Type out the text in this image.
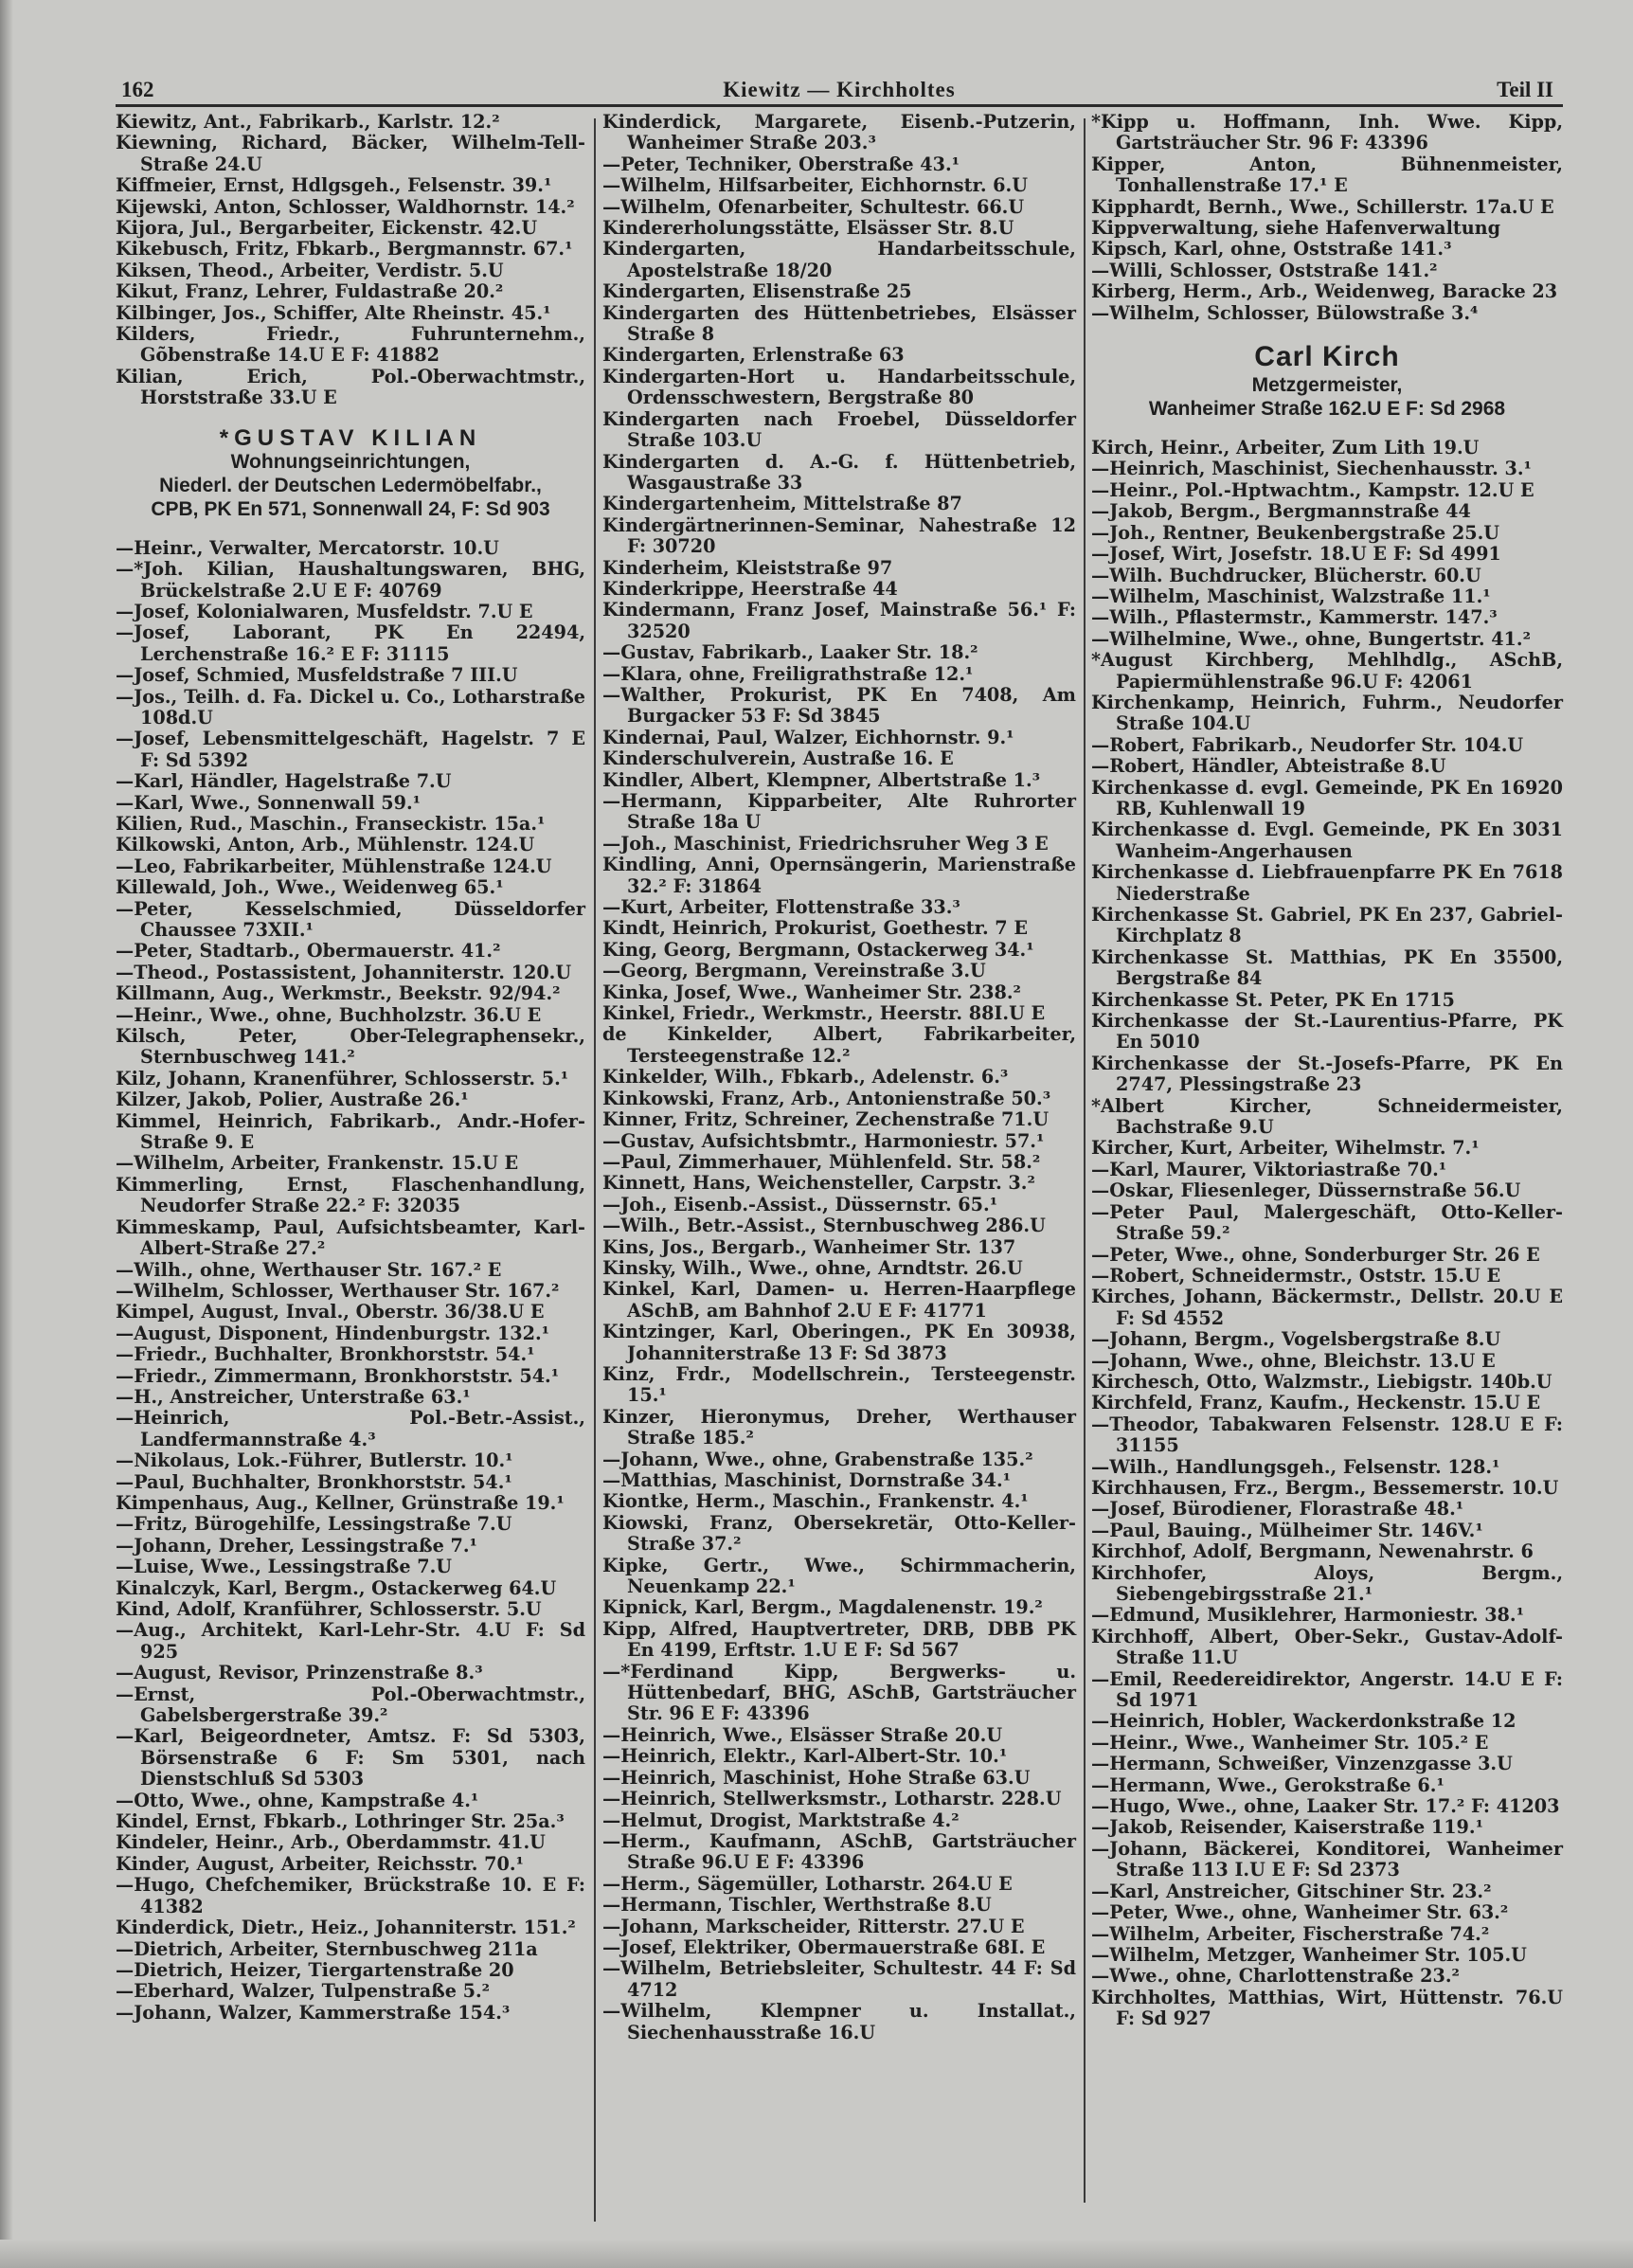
162	Kiewitz — Kirchholtes	Teil II

Kiewitz, Ant., Fabrikarb., Karlstr. 12.²

Kiewning, Richard, Bäcker, Wilhelm-Tell-Straße 24.U

Kiffmeier, Ernst, Hdlgsgeh., Felsenstr. 39.¹

Kijewski, Anton, Schlosser, Waldhornstr. 14.²

Kijora, Jul., Bergarbeiter, Eickenstr. 42.U

Kikebusch, Fritz, Fbkarb., Bergmannstr. 67.¹

Kiksen, Theod., Arbeiter, Verdistr. 5.U

Kikut, Franz, Lehrer, Fuldastraße 20.²

Kilbinger, Jos., Schiffer, Alte Rheinstr. 45.¹

Kilders, Friedr., Fuhrunternehm., Gõbenstraße 14.U E F: 41882

Kilian, Erich, Pol.-Oberwachtmstr., Horststraße 33.U E

*GUSTAV KILIAN
Wohnungseinrichtungen,
Niederl. der Deutschen Ledermöbelfabr.,
CPB, PK En 571, Sonnenwall 24, F: Sd 903

—Heinr., Verwalter, Mercatorstr. 10.U

—*Joh. Kilian, Haushaltungswaren, BHG, Brückelstraße 2.U E F: 40769

—Josef, Kolonialwaren, Musfeldstr. 7.U E

—Josef, Laborant, PK En 22494, Lerchenstraße 16.² E F: 31115

—Josef, Schmied, Musfeldstraße 7 III.U

—Jos., Teilh. d. Fa. Dickel u. Co., Lotharstraße 108d.U

—Josef, Lebensmittelgeschäft, Hagelstr. 7 E F: Sd 5392

—Karl, Händler, Hagelstraße 7.U

—Karl, Wwe., Sonnenwall 59.¹

Kilien, Rud., Maschin., Franseckistr. 15a.¹

Kilkowski, Anton, Arb., Mühlenstr. 124.U

—Leo, Fabrikarbeiter, Mühlenstraße 124.U

Killewald, Joh., Wwe., Weidenweg 65.¹

—Peter, Kesselschmied, Düsseldorfer Chaussee 73XII.¹

—Peter, Stadtarb., Obermauerstr. 41.²

—Theod., Postassistent, Johanniterstr. 120.U

Killmann, Aug., Werkmstr., Beekstr. 92/94.²

—Heinr., Wwe., ohne, Buchholzstr. 36.U E

Kilsch, Peter, Ober-Telegraphensekr., Sternbuschweg 141.²

Kilz, Johann, Kranenführer, Schlosserstr. 5.¹

Kilzer, Jakob, Polier, Austraße 26.¹

Kimmel, Heinrich, Fabrikarb., Andr.-Hofer-Straße 9. E

—Wilhelm, Arbeiter, Frankenstr. 15.U E

Kimmerling, Ernst, Flaschenhandlung, Neudorfer Straße 22.² F: 32035

Kimmeskamp, Paul, Aufsichtsbeamter, Karl-Albert-Straße 27.²

—Wilh., ohne, Werthauser Str. 167.² E

—Wilhelm, Schlosser, Werthauser Str. 167.²

Kimpel, August, Inval., Oberstr. 36/38.U E

—August, Disponent, Hindenburgstr. 132.¹

—Friedr., Buchhalter, Bronkhorststr. 54.¹

—Friedr., Zimmermann, Bronkhorststr. 54.¹

—H., Anstreicher, Unterstraße 63.¹

—Heinrich, Pol.-Betr.-Assist., Landfermannstraße 4.³

—Nikolaus, Lok.-Führer, Butlerstr. 10.¹

—Paul, Buchhalter, Bronkhorststr. 54.¹

Kimpenhaus, Aug., Kellner, Grünstraße 19.¹

—Fritz, Bürogehilfe, Lessingstraße 7.U

—Johann, Dreher, Lessingstraße 7.¹

—Luise, Wwe., Lessingstraße 7.U

Kinalczyk, Karl, Bergm., Ostackerweg 64.U

Kind, Adolf, Kranführer, Schlosserstr. 5.U

—Aug., Architekt, Karl-Lehr-Str. 4.U F: Sd 925

—August, Revisor, Prinzenstraße 8.³

—Ernst, Pol.-Oberwachtmstr., Gabelsbergerstraße 39.²

—Karl, Beigeordneter, Amtsz. F: Sd 5303, Börsenstraße 6 F: Sm 5301, nach Dienstschluß Sd 5303

—Otto, Wwe., ohne, Kampstraße 4.¹

Kindel, Ernst, Fbkarb., Lothringer Str. 25a.³

Kindeler, Heinr., Arb., Oberdammstr. 41.U

Kinder, August, Arbeiter, Reichsstr. 70.¹

—Hugo, Chefchemiker, Brückstraße 10. E F: 41382

Kinderdick, Dietr., Heiz., Johanniterstr. 151.²

—Dietrich, Arbeiter, Sternbuschweg 211a

—Dietrich, Heizer, Tiergartenstraße 20

—Eberhard, Walzer, Tulpenstraße 5.²

—Johann, Walzer, Kammerstraße 154.³

Kinderdick, Margarete, Eisenb.-Putzerin, Wanheimer Straße 203.³

—Peter, Techniker, Oberstraße 43.¹

—Wilhelm, Hilfsarbeiter, Eichhornstr. 6.U

—Wilhelm, Ofenarbeiter, Schultestr. 66.U

Kindererholungsstätte, Elsässer Str. 8.U

Kindergarten, Handarbeitsschule, Apostelstraße 18/20

Kindergarten, Elisenstraße 25

Kindergarten des Hüttenbetriebes, Elsässer Straße 8

Kindergarten, Erlenstraße 63

Kindergarten-Hort u. Handarbeitsschule, Ordensschwestern, Bergstraße 80

Kindergarten nach Froebel, Düsseldorfer Straße 103.U

Kindergarten d. A.-G. f. Hüttenbetrieb, Wasgaustraße 33

Kindergartenheim, Mittelstraße 87

Kindergärtnerinnen-Seminar, Nahestraße 12 F: 30720

Kinderheim, Kleiststraße 97

Kinderkrippe, Heerstraße 44

Kindermann, Franz Josef, Mainstraße 56.¹ F: 32520

—Gustav, Fabrikarb., Laaker Str. 18.²

—Klara, ohne, Freiligrathstraße 12.¹

—Walther, Prokurist, PK En 7408, Am Burgacker 53 F: Sd 3845

Kindernai, Paul, Walzer, Eichhornstr. 9.¹

Kinderschulverein, Austraße 16. E

Kindler, Albert, Klempner, Albertstraße 1.³

—Hermann, Kipparbeiter, Alte Ruhrorter Straße 18a U

—Joh., Maschinist, Friedrichsruher Weg 3 E

Kindling, Anni, Opernsängerin, Marienstraße 32.² F: 31864

—Kurt, Arbeiter, Flottenstraße 33.³

Kindt, Heinrich, Prokurist, Goethestr. 7 E

King, Georg, Bergmann, Ostackerweg 34.¹

—Georg, Bergmann, Vereinstraße 3.U

Kinka, Josef, Wwe., Wanheimer Str. 238.²

Kinkel, Friedr., Werkmstr., Heerstr. 88I.U E

de Kinkelder, Albert, Fabrikarbeiter, Tersteegenstraße 12.²

Kinkelder, Wilh., Fbkarb., Adelenstr. 6.³

Kinkowski, Franz, Arb., Antonienstraße 50.³

Kinner, Fritz, Schreiner, Zechenstraße 71.U

—Gustav, Aufsichtsbmtr., Harmoniestr. 57.¹

—Paul, Zimmerhauer, Mühlenfeld. Str. 58.²

Kinnett, Hans, Weichensteller, Carpstr. 3.²

—Joh., Eisenb.-Assist., Düssernstr. 65.¹

—Wilh., Betr.-Assist., Sternbuschweg 286.U

Kins, Jos., Bergarb., Wanheimer Str. 137

Kinsky, Wilh., Wwe., ohne, Arndtstr. 26.U

Kinkel, Karl, Damen- u. Herren-Haarpflege ASchB, am Bahnhof 2.U E F: 41771

Kintzinger, Karl, Oberingen., PK En 30938, Johanniterstraße 13 F: Sd 3873

Kinz, Frdr., Modellschrein., Tersteegenstr. 15.¹

Kinzer, Hieronymus, Dreher, Werthauser Straße 185.²

—Johann, Wwe., ohne, Grabenstraße 135.²

—Matthias, Maschinist, Dornstraße 34.¹

Kiontke, Herm., Maschin., Frankenstr. 4.¹

Kiowski, Franz, Obersekretär, Otto-Keller-Straße 37.²

Kipke, Gertr., Wwe., Schirmmacherin, Neuenkamp 22.¹

Kipnick, Karl, Bergm., Magdalenenstr. 19.²

Kipp, Alfred, Hauptvertreter, DRB, DBB PK En 4199, Erftstr. 1.U E F: Sd 567

—*Ferdinand Kipp, Bergwerks- u. Hüttenbedarf, BHG, ASchB, Gartsträucher Str. 96 E F: 43396

—Heinrich, Wwe., Elsässer Straße 20.U

—Heinrich, Elektr., Karl-Albert-Str. 10.¹

—Heinrich, Maschinist, Hohe Straße 63.U

—Heinrich, Stellwerksmstr., Lotharstr. 228.U

—Helmut, Drogist, Marktstraße 4.²

—Herm., Kaufmann, ASchB, Gartsträucher Straße 96.U E F: 43396

—Herm., Sägemüller, Lotharstr. 264.U E

—Hermann, Tischler, Werthstraße 8.U

—Johann, Markscheider, Ritterstr. 27.U E

—Josef, Elektriker, Obermauerstraße 68I. E

—Wilhelm, Betriebsleiter, Schultestr. 44 F: Sd 4712

—Wilhelm, Klempner u. Installat., Siechenhausstraße 16.U

*Kipp u. Hoffmann, Inh. Wwe. Kipp, Gartsträucher Str. 96 F: 43396

Kipper, Anton, Bühnenmeister, Tonhallenstraße 17.¹ E

Kipphardt, Bernh., Wwe., Schillerstr. 17a.U E

Kippverwaltung, siehe Hafenverwaltung

Kipsch, Karl, ohne, Oststraße 141.³

—Willi, Schlosser, Oststraße 141.²

Kirberg, Herm., Arb., Weidenweg, Baracke 23

—Wilhelm, Schlosser, Bülowstraße 3.⁴

Carl Kirch
Metzgermeister,
Wanheimer Straße 162.U E F: Sd 2968

Kirch, Heinr., Arbeiter, Zum Lith 19.U

—Heinrich, Maschinist, Siechenhausstr. 3.¹

—Heinr., Pol.-Hptwachtm., Kampstr. 12.U E

—Jakob, Bergm., Bergmannstraße 44

—Joh., Rentner, Beukenbergstraße 25.U

—Josef, Wirt, Josefstr. 18.U E F: Sd 4991

—Wilh. Buchdrucker, Blücherstr. 60.U

—Wilhelm, Maschinist, Walzstraße 11.¹

—Wilh., Pflastermstr., Kammerstr. 147.³

—Wilhelmine, Wwe., ohne, Bungertstr. 41.²

*August Kirchberg, Mehlhdlg., ASchB, Papiermühlenstraße 96.U F: 42061

Kirchenkamp, Heinrich, Fuhrm., Neudorfer Straße 104.U

—Robert, Fabrikarb., Neudorfer Str. 104.U

—Robert, Händler, Abteistraße 8.U

Kirchenkasse d. evgl. Gemeinde, PK En 16920 RB, Kuhlenwall 19

Kirchenkasse d. Evgl. Gemeinde, PK En 3031 Wanheim-Angerhausen

Kirchenkasse d. Liebfrauenpfarre PK En 7618 Niederstraße

Kirchenkasse St. Gabriel, PK En 237, Gabriel-Kirchplatz 8

Kirchenkasse St. Matthias, PK En 35500, Bergstraße 84

Kirchenkasse St. Peter, PK En 1715

Kirchenkasse der St.-Laurentius-Pfarre, PK En 5010

Kirchenkasse der St.-Josefs-Pfarre, PK En 2747, Plessingstraße 23

*Albert Kircher, Schneidermeister, Bachstraße 9.U

Kircher, Kurt, Arbeiter, Wihelmstr. 7.¹

—Karl, Maurer, Viktoriastraße 70.¹

—Oskar, Fliesenleger, Düssernstraße 56.U

—Peter Paul, Malergeschäft, Otto-Keller-Straße 59.²

—Peter, Wwe., ohne, Sonderburger Str. 26 E

—Robert, Schneidermstr., Oststr. 15.U E

Kirches, Johann, Bäckermstr., Dellstr. 20.U E F: Sd 4552

—Johann, Bergm., Vogelsbergstraße 8.U

—Johann, Wwe., ohne, Bleichstr. 13.U E

Kirchesch, Otto, Walzmstr., Liebigstr. 140b.U

Kirchfeld, Franz, Kaufm., Heckenstr. 15.U E

—Theodor, Tabakwaren Felsenstr. 128.U E F: 31155

—Wilh., Handlungsgeh., Felsenstr. 128.¹

Kirchhausen, Frz., Bergm., Bessemerstr. 10.U

—Josef, Bürodiener, Florastraße 48.¹

—Paul, Bauing., Mülheimer Str. 146V.¹

Kirchhof, Adolf, Bergmann, Newenahrstr. 6

Kirchhofer, Aloys, Bergm., Siebengebirgsstraße 21.¹

—Edmund, Musiklehrer, Harmoniestr. 38.¹

Kirchhoff, Albert, Ober-Sekr., Gustav-Adolf-Straße 11.U

—Emil, Reedereidirektor, Angerstr. 14.U E F: Sd 1971

—Heinrich, Hobler, Wackerdonkstraße 12

—Heinr., Wwe., Wanheimer Str. 105.² E

—Hermann, Schweißer, Vinzenzgasse 3.U

—Hermann, Wwe., Gerokstraße 6.¹

—Hugo, Wwe., ohne, Laaker Str. 17.² F: 41203

—Jakob, Reisender, Kaiserstraße 119.¹

—Johann, Bäckerei, Konditorei, Wanheimer Straße 113 I.U E F: Sd 2373

—Karl, Anstreicher, Gitschiner Str. 23.²

—Peter, Wwe., ohne, Wanheimer Str. 63.²

—Wilhelm, Arbeiter, Fischerstraße 74.²

—Wilhelm, Metzger, Wanheimer Str. 105.U

—Wwe., ohne, Charlottenstraße 23.²

Kirchholtes, Matthias, Wirt, Hüttenstr. 76.U F: Sd 927
